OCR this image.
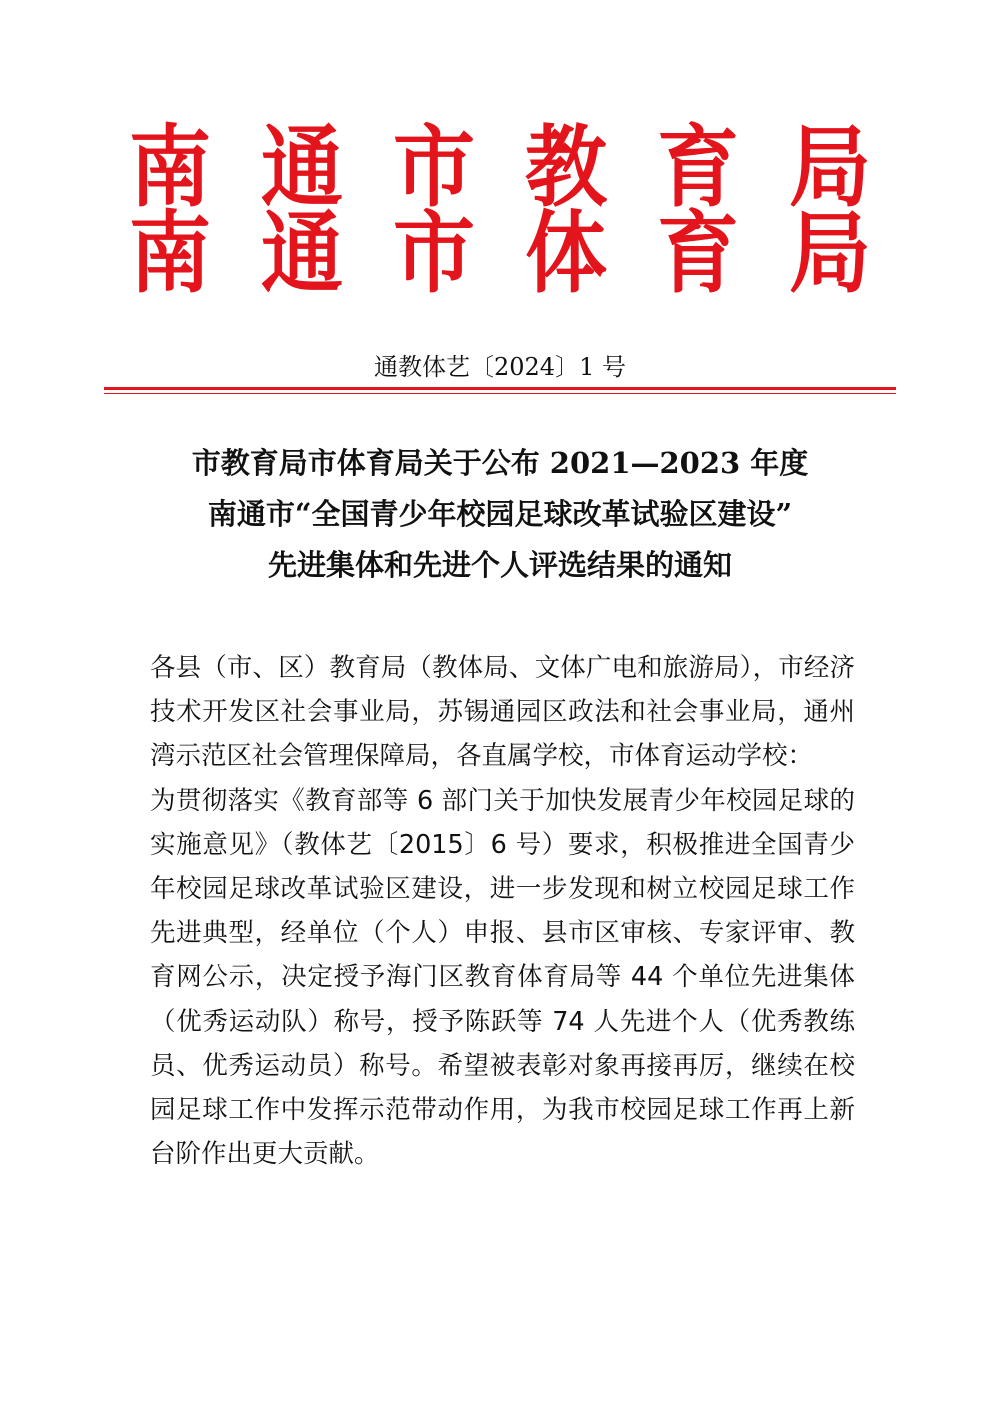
南 通 市 教 育 局
南 通 市 体 育 局
通教体艺〔2024〕1 号
市教育局市体育局关于公布 2021—2023 年度
南通市“全国青少年校园足球改革试验区建设”
先进集体和先进个人评选结果的通知

各县（市、区）教育局（教体局、文体广电和旅游局），市经济技术开发区社会事业局，苏锡通园区政法和社会事业局，通州湾示范区社会管理保障局，各直属学校，市体育运动学校：

为贯彻落实《教育部等 6 部门关于加快发展青少年校园足球的实施意见》（教体艺〔2015〕6 号）要求，积极推进全国青少年校园足球改革试验区建设，进一步发现和树立校园足球工作先进典型，经单位（个人）申报、县市区审核、专家评审、教育网公示，决定授予海门区教育体育局等 44 个单位先进集体（优秀运动队）称号，授予陈跃等 74 人先进个人（优秀教练员、优秀运动员）称号。希望被表彰对象再接再厉，继续在校园足球工作中发挥示范带动作用，为我市校园足球工作再上新台阶作出更大贡献。
